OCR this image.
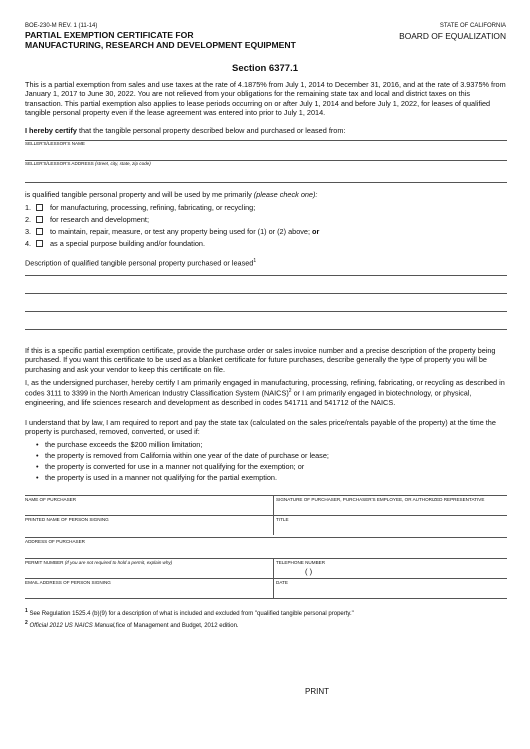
BOE-230-M REV. 1 (11-14)	STATE OF CALIFORNIA
PARTIAL EXEMPTION CERTIFICATE FOR
MANUFACTURING, RESEARCH AND DEVELOPMENT EQUIPMENT
BOARD OF EQUALIZATION
Section 6377.1
This is a partial exemption from sales and use taxes at the rate of 4.1875% from July 1, 2014 to December 31, 2016, and at the rate of 3.9375% from January 1, 2017 to June 30, 2022. You are not relieved from your obligations for the remaining state tax and local and district taxes on this transaction. This partial exemption also applies to lease periods occurring on or after July 1, 2014 and before July 1, 2022, for leases of qualified tangible personal property even if the lease agreement was entered into prior to July 1, 2014.
I hereby certify that the tangible personal property described below and purchased or leased from:
SELLER'S/LESSOR'S NAME
SELLER'S/LESSOR'S ADDRESS (street, city, state, zip code)
is qualified tangible personal property and will be used by me primarily (please check one):
1.	for manufacturing, processing, refining, fabricating, or recycling;
2.	for research and development;
3.	to maintain, repair, measure, or test any property being used for (1) or (2) above; or
4.	as a special purpose building and/or foundation.
Description of qualified tangible personal property purchased or leased$^1$
If this is a specific partial exemption certificate, provide the purchase order or sales invoice number and a precise description of the property being purchased. If you want this certificate to be used as a blanket certificate for future purchases, describe generally the type of property you will be purchasing and ask your vendor to keep this certificate on file.
I, as the undersigned purchaser, hereby certify I am primarily engaged in manufacturing, processing, refining, fabricating, or recycling as described in codes 3111 to 3399 in the North American Industry Classification System (NAICS)$^2$ or I am primarily engaged in biotechnology, or physical, engineering, and life sciences research and development as described in codes 541711 and 541712 of the NAICS.
I understand that by law, I am required to report and pay the state tax (calculated on the sales price/rentals payable of the property) at the time the property is purchased, removed, converted, or used if:
• the purchase exceeds the $200 million limitation;
• the property is removed from California within one year of the date of purchase or lease;
• the property is converted for use in a manner not qualifying for the exemption; or
• the property is used in a manner not qualifying for the partial exemption.
NAME OF PURCHASER	SIGNATURE OF PURCHASER, PURCHASER'S EMPLOYEE, OR AUTHORIZED REPRESENTATIVE
PRINTED NAME OF PERSON SIGNING	TITLE
ADDRESS OF PURCHASER
PERMIT NUMBER (If you are not required to hold a permit, explain why)	TELEPHONE NUMBER
( )
EMAIL ADDRESS OF PERSON SIGNING	DATE
$^1$ See Regulation 1525.4 (b)(9) for a description of what is included and excluded from "qualified tangible personal property."
$^2$ Official 2012 US NAICS Manual,fice of Management and Budget, 2012 edition.
PRINT
